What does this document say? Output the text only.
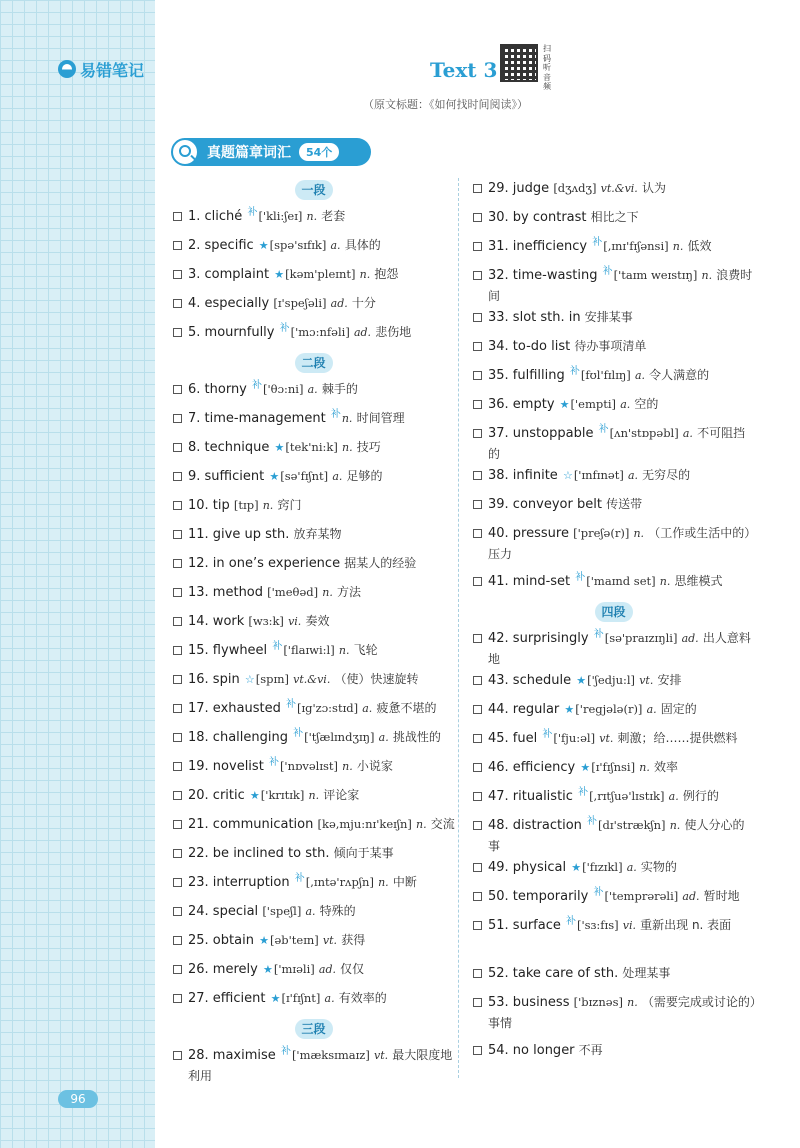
易错笔记
96
Text 3
扫码听音频
（原文标题：《如何找时间阅读》）
真题篇章词汇	54个
一段
1. cliché $^补$['kli:ʃeɪ] n. 老套
2. specific ★[spə'sɪfɪk] a. 具体的
3. complaint ★[kəm'pleɪnt] n. 抱怨
4. especially [ɪ'speʃəli] ad. 十分
5. mournfully $^补$['mɔ:nfəli] ad. 悲伤地
二段
6. thorny $^补$['θɔ:ni] a. 棘手的
7. time-management $^补$n. 时间管理
8. technique ★[tek'ni:k] n. 技巧
9. sufficient ★[sə'fɪʃnt] a. 足够的
10. tip [tɪp] n. 窍门
11. give up sth. 放弃某物
12. in one’s experience 据某人的经验
13. method ['meθəd] n. 方法
14. work [wɜ:k] vi. 奏效
15. flywheel $^补$['flaɪwi:l] n. 飞轮
16. spin ☆[spɪn] vt.&vi. （使）快速旋转
17. exhausted $^补$[ɪg'zɔ:stɪd] a. 疲惫不堪的
18. challenging $^补$['tʃælɪndʒɪŋ] a. 挑战性的
19. novelist $^补$['nɒvəlɪst] n. 小说家
20. critic ★['krɪtɪk] n. 评论家
21. communication [kə,mju:nɪ'keɪʃn] n. 交流
22. be inclined to sth. 倾向于某事
23. interruption $^补$[,ɪntə'rʌpʃn] n. 中断
24. special ['speʃl] a. 特殊的
25. obtain ★[əb'teɪn] vt. 获得
26. merely ★['mɪəli] ad. 仅仅
27. efficient ★[ɪ'fɪʃnt] a. 有效率的
三段
28. maximise $^补$['mæksɪmaɪz] vt. 最大限度地利用
29. judge [dʒʌdʒ] vt.&vi. 认为
30. by contrast 相比之下
31. inefficiency $^补$[,ɪnɪ'fɪʃənsi] n. 低效
32. time-wasting $^补$['taɪm weɪstɪŋ] n. 浪费时间
33. slot sth. in 安排某事
34. to-do list 待办事项清单
35. fulfilling $^补$[fʊl'fɪlɪŋ] a. 令人满意的
36. empty ★['empti] a. 空的
37. unstoppable $^补$[ʌn'stɒpəbl] a. 不可阻挡的
38. infinite ☆['ɪnfɪnət] a. 无穷尽的
39. conveyor belt 传送带
40. pressure ['preʃə(r)] n. （工作或生活中的）压力
41. mind-set $^补$['maɪnd set] n. 思维模式
四段
42. surprisingly $^补$[sə'praɪzɪŋli] ad. 出人意料地
43. schedule ★['ʃedju:l] vt. 安排
44. regular ★['regjələ(r)] a. 固定的
45. fuel $^补$['fju:əl] vt. 刺激；给……提供燃料
46. efficiency ★[ɪ'fɪʃnsi] n. 效率
47. ritualistic $^补$[,rɪtʃuə'lɪstɪk] a. 例行的
48. distraction $^补$[dɪ'strækʃn] n. 使人分心的事
49. physical ★['fɪzɪkl] a. 实物的
50. temporarily $^补$['temprərəli] ad. 暂时地
51. surface $^补$['sɜ:fɪs] vi. 重新出现 n. 表面
52. take care of sth. 处理某事
53. business ['bɪznəs] n. （需要完成或讨论的）事情
54. no longer 不再
